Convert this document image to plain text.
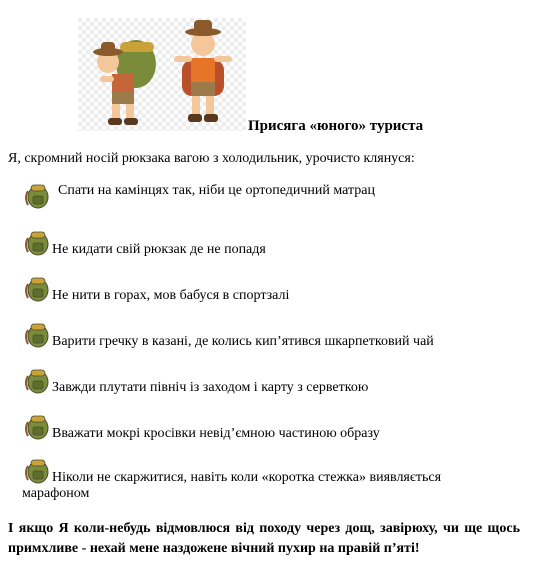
Присяга «юного» туриста
Я, скромний носій рюкзака вагою з холодильник, урочисто клянуся:
Спати на камінцях так, ніби це ортопедичний матрац
Не кидати свій рюкзак де не попадя
Не нити в горах, мов бабуся в спортзалі
Варити гречку в казані, де колись кип’ятився шкарпетковий чай
Завжди плутати північ із заходом і карту з серветкою
Вважати мокрі кросівки невід’ємною частиною образу
Ніколи не скаржитися, навіть коли «коротка стежка» виявляється
марафоном
І якщо Я коли-небудь відмовлюся від походу через дощ, завірюху, чи ще щось примхливе - нехай мене наздожене вічний пухир на правій п’яті!
